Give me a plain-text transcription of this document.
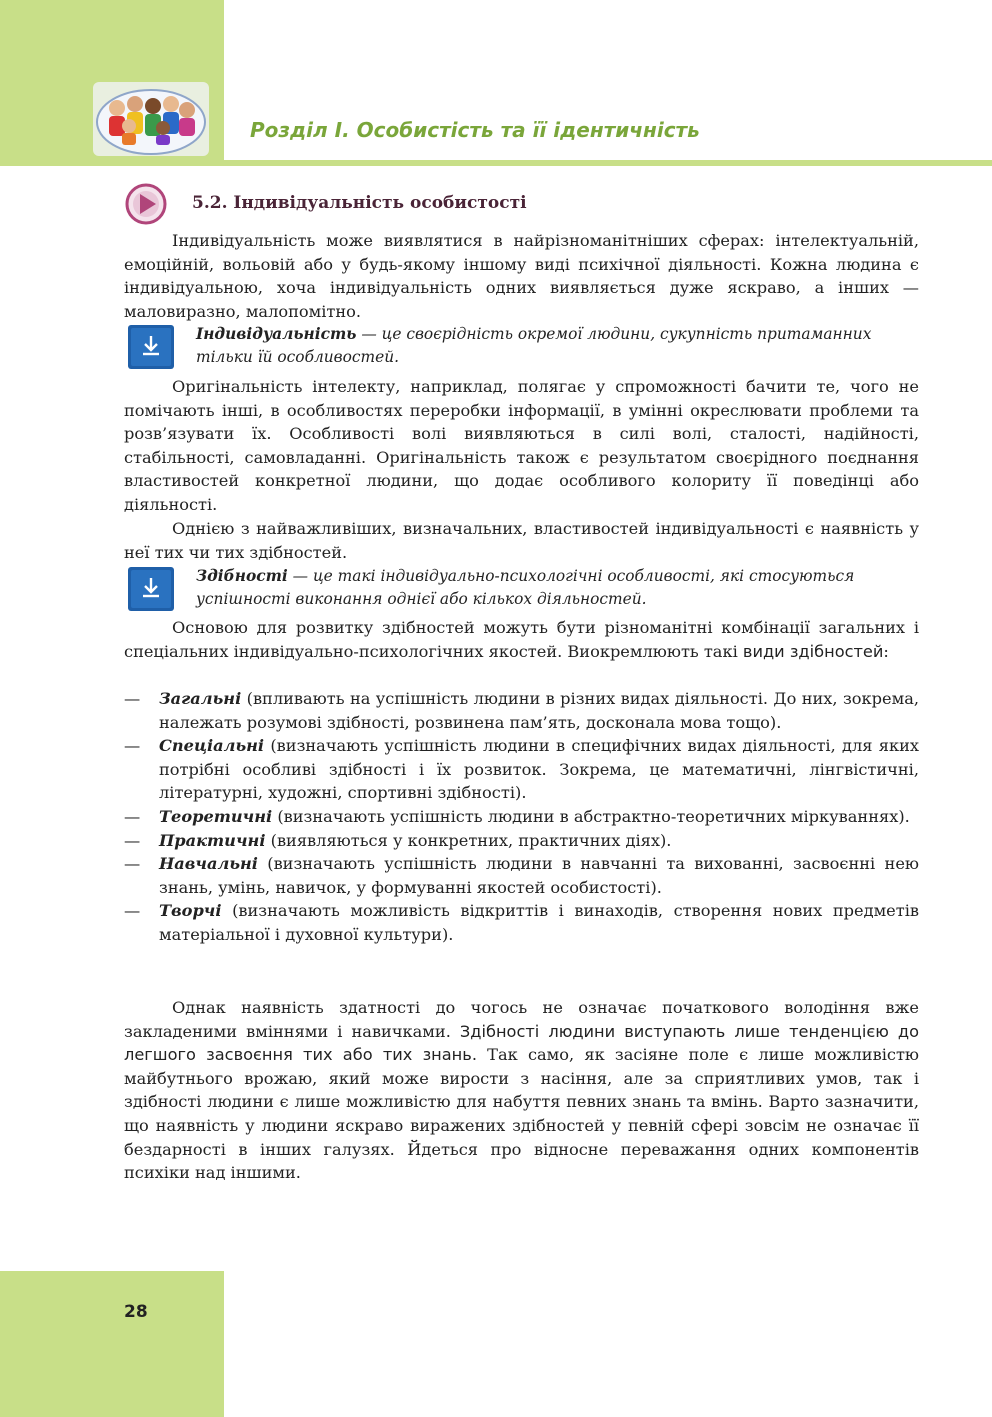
Розділ I. Особистість та її ідентичність
5.2. Індивідуальність особистості
Індивідуальність може виявлятися в найрізноманітніших сферах: інтелектуальній, емоційній, вольовій або у будь-якому іншому виді психічної діяльності. Кожна людина є індивідуальною, хоча індивідуальність одних виявляється дуже яскраво, а інших — маловиразно, малопомітно.
Індивідуальність — це своєрідність окремої людини, сукупність притаманних тільки їй особливостей.
Оригінальність інтелекту, наприклад, полягає у спроможності бачити те, чого не помічають інші, в особливостях переробки інформації, в умінні окреслювати проблеми та розв’язувати їх. Особливості волі виявляються в силі волі, сталості, надійності, стабільності, самовладанні. Оригінальність також є результатом своєрідного поєднання властивостей конкретної людини, що додає особливого колориту її поведінці або діяльності.
Однією з найважливіших, визначальних, властивостей індивідуальності є наявність у неї тих чи тих здібностей.
Здібності — це такі індивідуально-психологічні особливості, які стосуються успішності виконання однієї або кількох діяльностей.
Основою для розвитку здібностей можуть бути різноманітні комбінації загальних і спеціальних індивідуально-психологічних якостей. Виокремлюють такі види здібностей:
— Загальні (впливають на успішність людини в різних видах діяльності. До них, зокрема, належать розумові здібності, розвинена пам’ять, досконала мова тощо).
— Спеціальні (визначають успішність людини в специфічних видах діяльності, для яких потрібні особливі здібності і їх розвиток. Зокрема, це математичні, лінгвістичні, літературні, художні, спортивні здібності).
— Теоретичні (визначають успішність людини в абстрактно-теоретичних міркуваннях).
— Практичні (виявляються у конкретних, практичних діях).
— Навчальні (визначають успішність людини в навчанні та вихованні, засвоєнні нею знань, умінь, навичок, у формуванні якостей особистості).
— Творчі (визначають можливість відкриттів і винаходів, створення нових предметів матеріальної і духовної культури).
Однак наявність здатності до чогось не означає початкового володіння вже закладеними вміннями і навичками. Здібності людини виступають лише тенденцією до легшого засвоєння тих або тих знань. Так само, як засіяне поле є лише можливістю майбутнього врожаю, який може вирости з насіння, але за сприятливих умов, так і здібності людини є лише можливістю для набуття певних знань та вмінь. Варто зазначити, що наявність у людини яскраво виражених здібностей у певній сфері зовсім не означає її бездарності в інших галузях. Йдеться про відносне переважання одних компонентів психіки над іншими.
28
